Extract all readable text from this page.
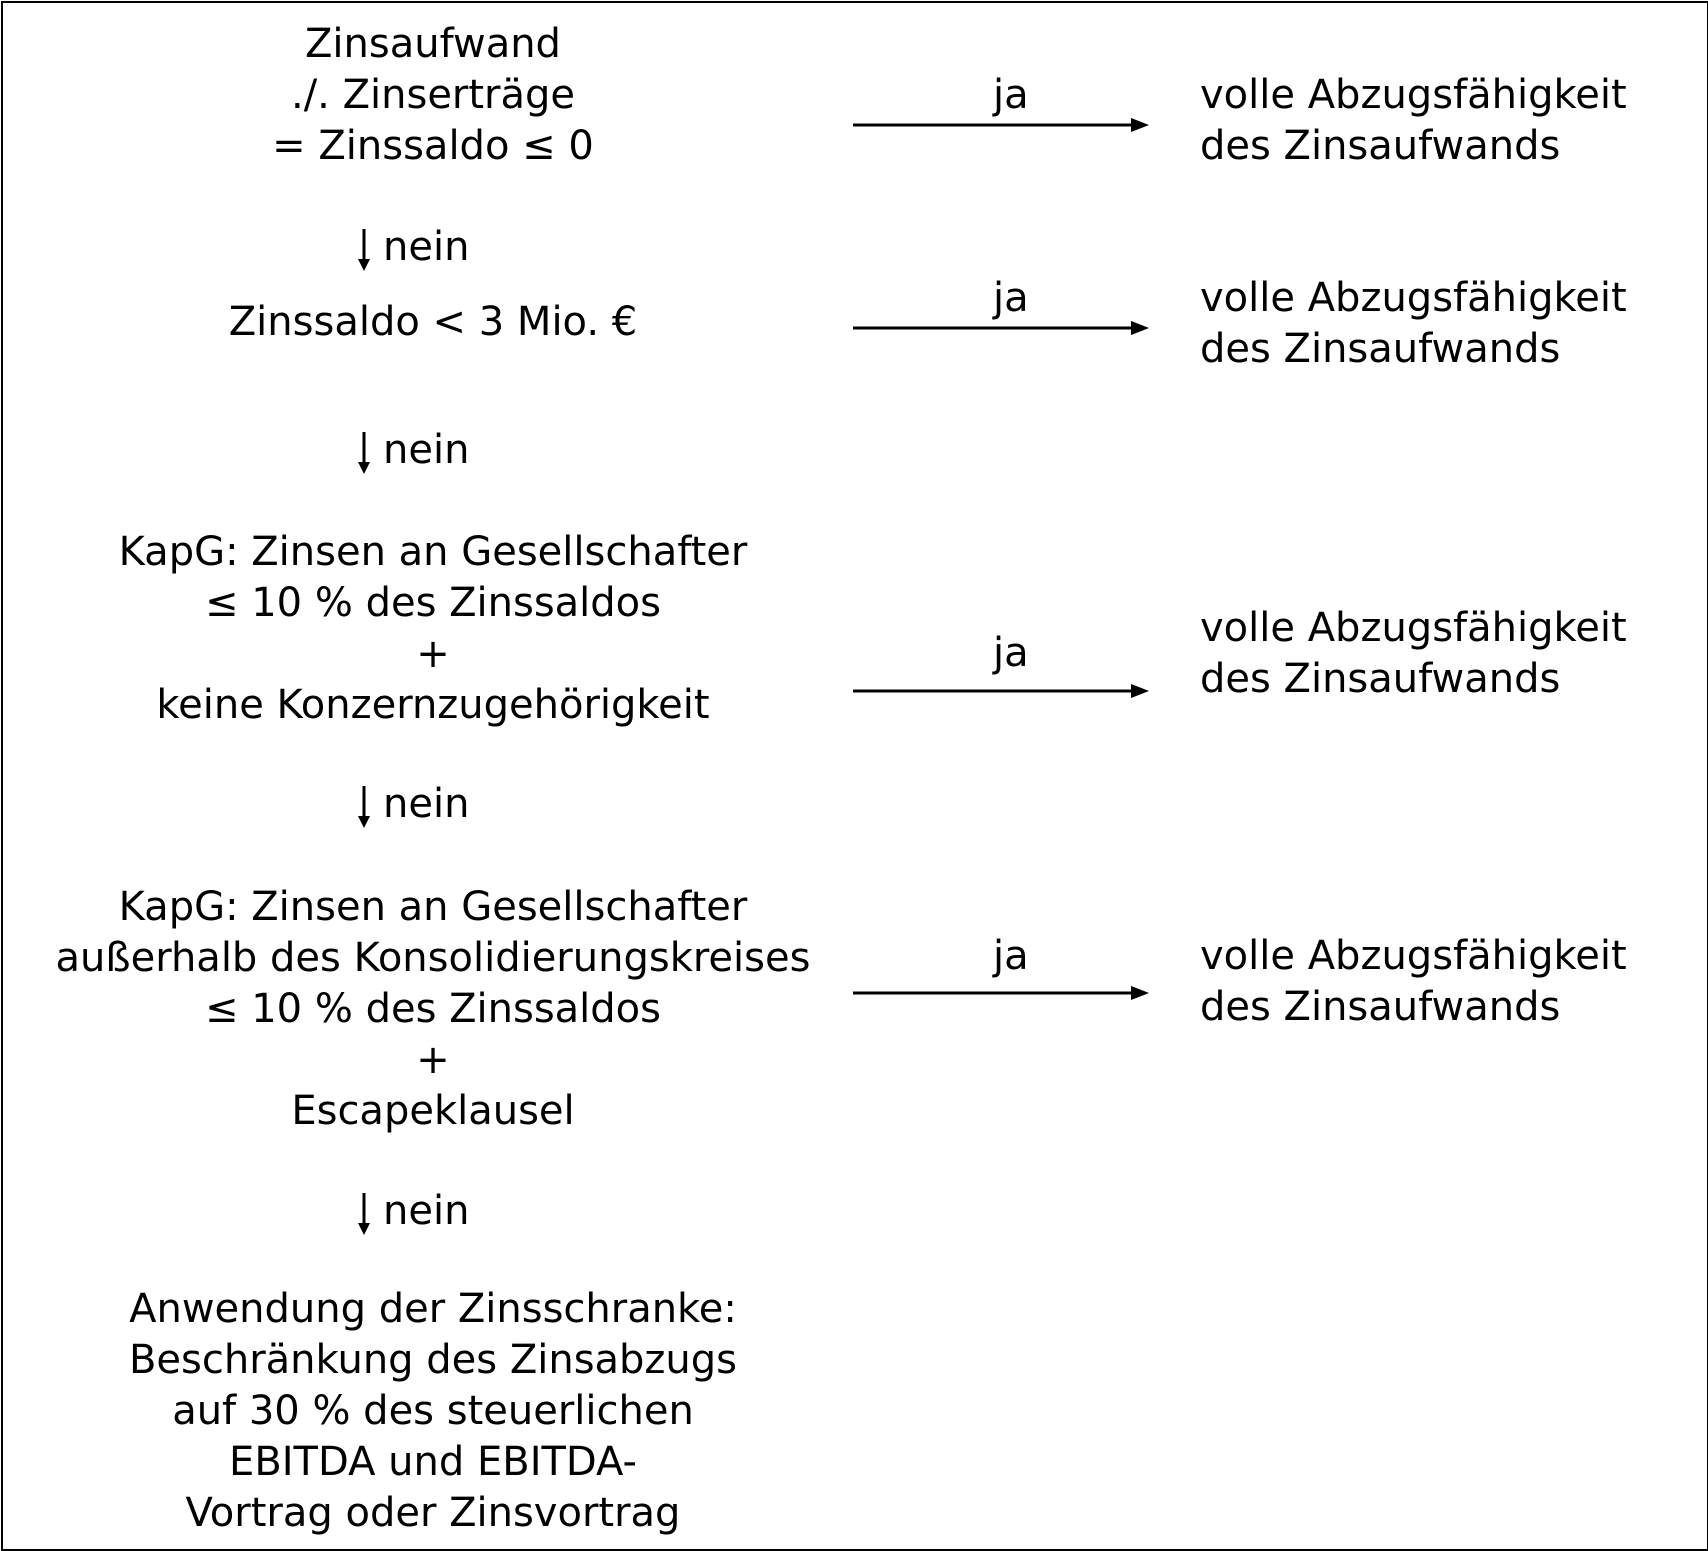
Zinsaufwand
./. Zinserträge
= Zinssaldo ≤ 0
Zinssaldo < 3 Mio. €
KapG: Zinsen an Gesellschafter
≤ 10 % des Zinssaldos
+
keine Konzernzugehörigkeit
KapG: Zinsen an Gesellschafter
außerhalb des Konsolidierungskreises
≤ 10 % des Zinssaldos
+
Escapeklausel
Anwendung der Zinsschranke:
Beschränkung des Zinsabzugs
auf 30 % des steuerlichen
EBITDA und EBITDA-
Vortrag oder Zinsvortrag
nein
nein
nein
nein
ja
ja
ja
ja
volle Abzugsfähigkeit
des Zinsaufwands
volle Abzugsfähigkeit
des Zinsaufwands
volle Abzugsfähigkeit
des Zinsaufwands
volle Abzugsfähigkeit
des Zinsaufwands
